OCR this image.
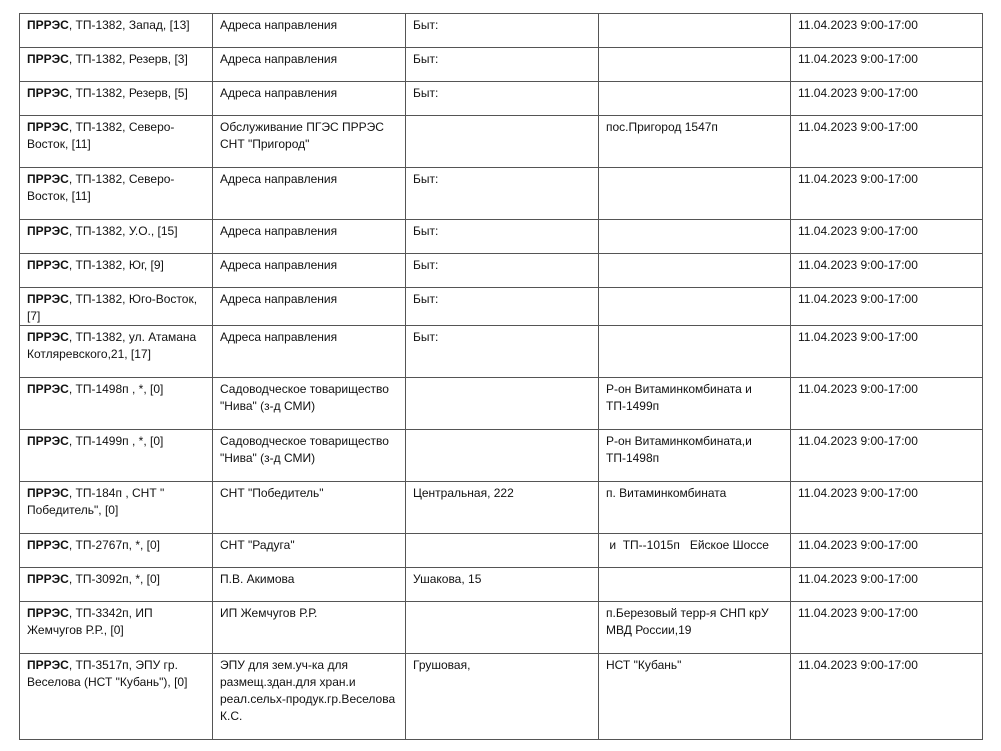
ПРРЭС, ТП-1382, Запад, [13]	Адреса направления	Быт:		11.04.2023 9:00-17:00
ПРРЭС, ТП-1382, Резерв, [3]	Адреса направления	Быт:		11.04.2023 9:00-17:00
ПРРЭС, ТП-1382, Резерв, [5]	Адреса направления	Быт:		11.04.2023 9:00-17:00
ПРРЭС, ТП-1382, Северо-Восток, [11]	Обслуживание ПГЭС ПРРЭС СНТ "Пригород"		пос.Пригород 1547п	11.04.2023 9:00-17:00
ПРРЭС, ТП-1382, Северо-Восток, [11]	Адреса направления	Быт:		11.04.2023 9:00-17:00
ПРРЭС, ТП-1382, У.О., [15]	Адреса направления	Быт:		11.04.2023 9:00-17:00
ПРРЭС, ТП-1382, Юг, [9]	Адреса направления	Быт:		11.04.2023 9:00-17:00
ПРРЭС, ТП-1382, Юго-Восток, [7]	Адреса направления	Быт:		11.04.2023 9:00-17:00
ПРРЭС, ТП-1382, ул. Атамана Котляревского,21, [17]	Адреса направления	Быт:		11.04.2023 9:00-17:00
ПРРЭС, ТП-1498п , *, [0]	Садоводческое товарищество "Нива" (з-д СМИ)		Р-он Витаминкомбината и ТП-1499п	11.04.2023 9:00-17:00
ПРРЭС, ТП-1499п , *, [0]	Садоводческое товарищество "Нива" (з-д СМИ)		Р-он Витаминкомбината,и ТП-1498п	11.04.2023 9:00-17:00
ПРРЭС, ТП-184п , СНТ " Победитель", [0]	СНТ "Победитель"	Центральная, 222	п. Витаминкомбината	11.04.2023 9:00-17:00
ПРРЭС, ТП-2767п, *, [0]	СНТ "Радуга"		и  ТП--1015п   Ейское Шоссе	11.04.2023 9:00-17:00
ПРРЭС, ТП-3092п, *, [0]	П.В. Акимова	Ушакова, 15		11.04.2023 9:00-17:00
ПРРЭС, ТП-3342п, ИП Жемчугов Р.Р., [0]	ИП Жемчугов Р.Р.		п.Березовый терр-я СНП крУ МВД России,19	11.04.2023 9:00-17:00
ПРРЭС, ТП-3517п, ЭПУ гр. Веселова (НСТ "Кубань"), [0]	ЭПУ для зем.уч-ка для размещ.здан.для хран.и реал.сельх-продук.гр.Веселова К.С.	Грушовая,	НСТ "Кубань"	11.04.2023 9:00-17:00
